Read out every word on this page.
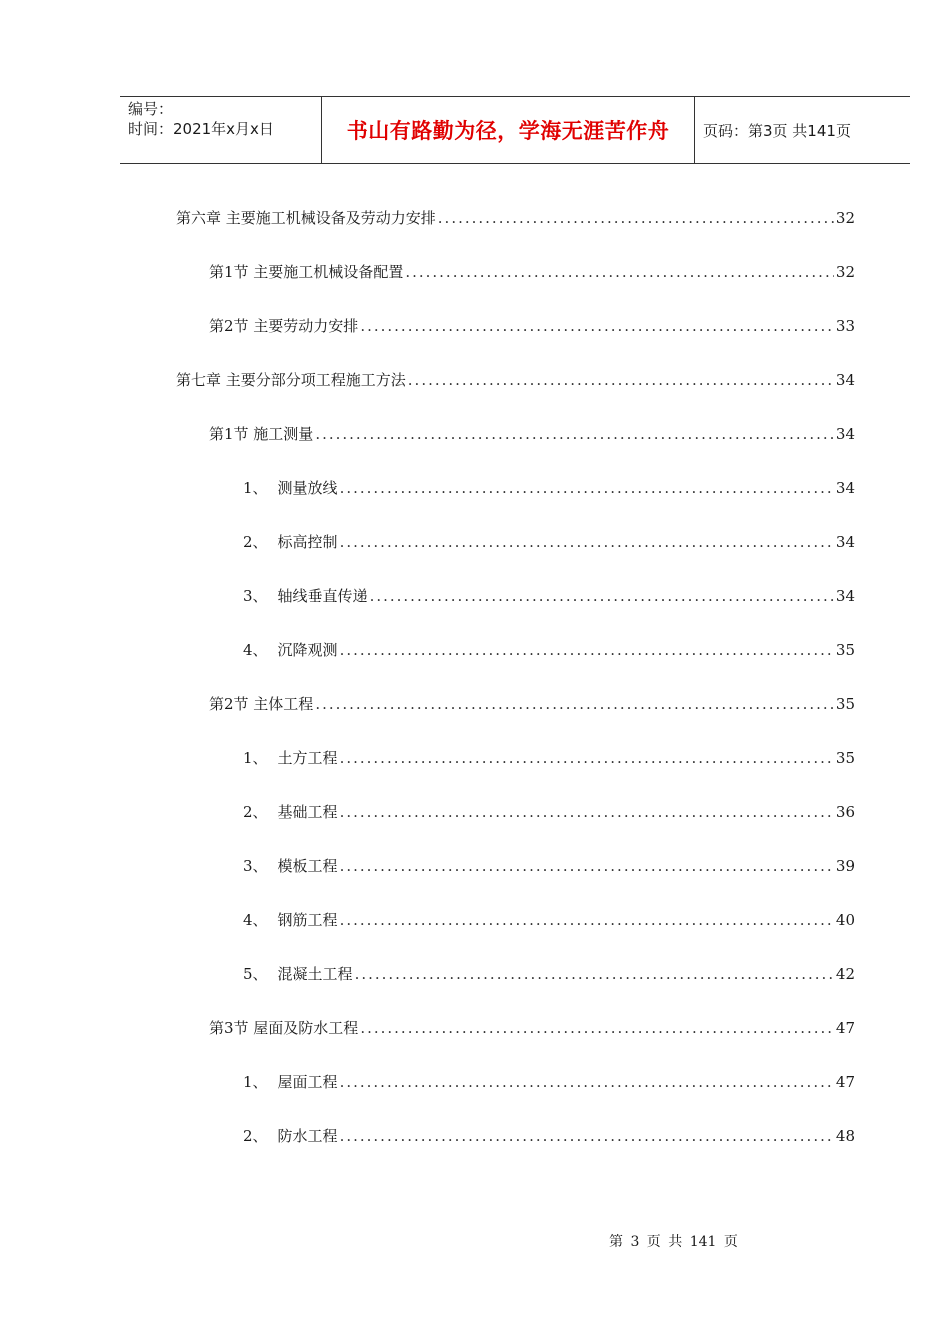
编号：
时间：2021年x月x日	书山有路勤为径，学海无涯苦作舟	页码：第3页 共141页
第六章 主要施工机械设备及劳动力安排 .....	32
第1节 主要施工机械设备配置 .....	32
第2节 主要劳动力安排 .....	33
第七章 主要分部分项工程施工方法 .....	34
第1节 施工测量 .....	34
1、 测量放线 .....	34
2、 标高控制 .....	34
3、 轴线垂直传递 .....	34
4、 沉降观测 .....	35
第2节 主体工程 .....	35
1、 土方工程 .....	35
2、 基础工程 .....	36
3、 模板工程 .....	39
4、 钢筋工程 .....	40
5、 混凝土工程 .....	42
第3节 屋面及防水工程 .....	47
1、 屋面工程 .....	47
2、 防水工程 .....	48
第 3 页 共 141 页
